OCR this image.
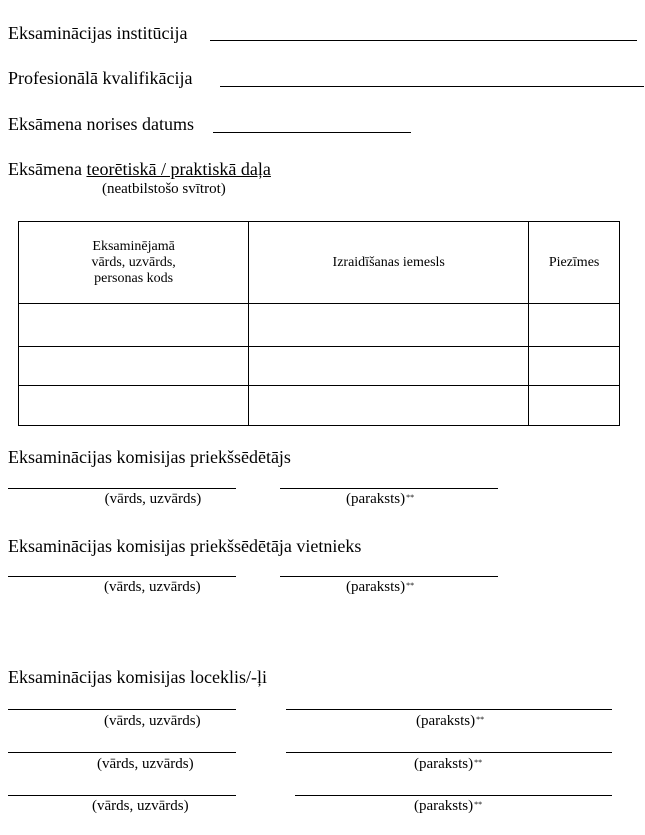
Eksaminācijas institūcija
Profesionālā kvalifikācija
Eksāmena norises datums
Eksāmena teorētiskā / praktiskā daļa
(neatbilstošo svītrot)
Eksaminējamā
vārds, uzvārds,
personas kods	Izraidīšanas iemesls	Piezīmes

Eksaminācijas komisijas priekšsēdētājs
(vārds, uzvārds)	(paraksts)**
Eksaminācijas komisijas priekšsēdētāja vietnieks
(vārds, uzvārds)	(paraksts)**
Eksaminācijas komisijas loceklis/-ļi
(vārds, uzvārds)	(paraksts)**
(vārds, uzvārds)	(paraksts)**
(vārds, uzvārds)	(paraksts)**
